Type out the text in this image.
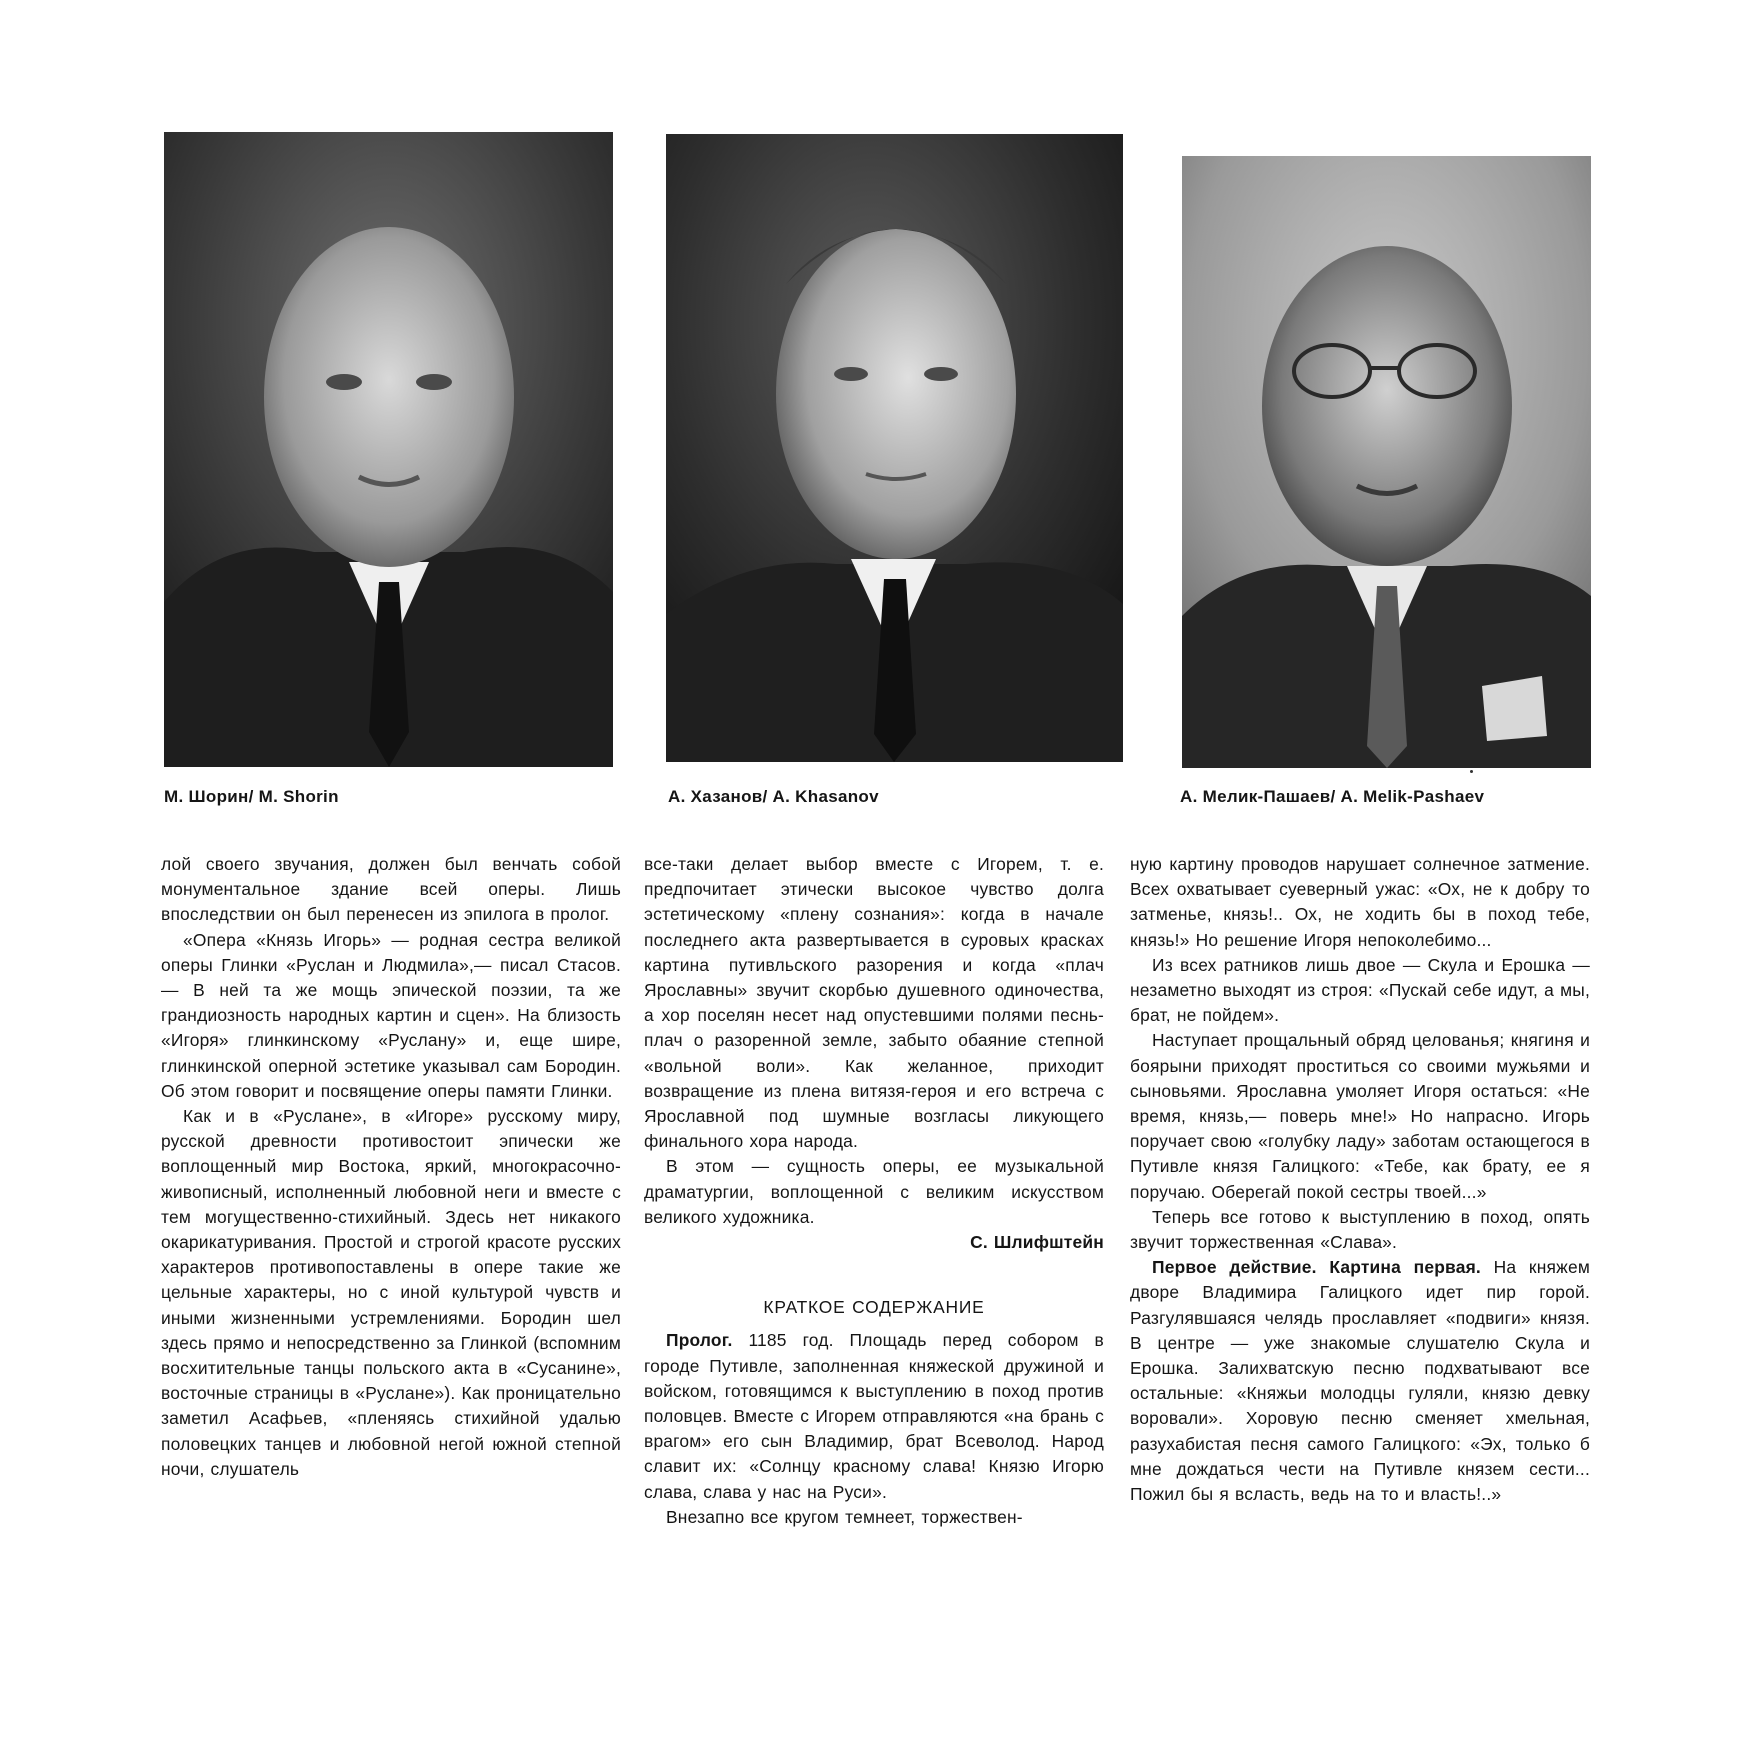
М. Шорин/ М. Shorin	А. Хазанов/ А. Khasanov	А. Мелик-Пашаев/ А. Melik-Pashaev

лой своего звучания, должен был венчать собой монументальное здание всей оперы. Лишь впоследствии он был перенесен из эпилога в пролог.

«Опера «Князь Игорь» — родная сестра великой оперы Глинки «Руслан и Людмила»,— писал Стасов.— В ней та же мощь эпической поэзии, та же грандиозность народных картин и сцен». На близость «Игоря» глинкинскому «Руслану» и, еще шире, глинкинской оперной эстетике указывал сам Бородин. Об этом говорит и посвящение оперы памяти Глинки.

Как и в «Руслане», в «Игоре» русскому миру, русской древности противостоит эпически же воплощенный мир Востока, яркий, многокрасочно-живописный, исполненный любовной неги и вместе с тем могущественно-стихийный. Здесь нет никакого окарикатуривания. Простой и строгой красоте русских характеров противопоставлены в опере такие же цельные характеры, но с иной культурой чувств и иными жизненными устремлениями. Бородин шел здесь прямо и непосредственно за Глинкой (вспомним восхитительные танцы польского акта в «Сусанине», восточные страницы в «Руслане»). Как проницательно заметил Асафьев, «пленяясь стихийной удалью половецких танцев и любовной негой южной степной ночи, слушатель

все-таки делает выбор вместе с Игорем, т. е. предпочитает этически высокое чувство долга эстетическому «плену сознания»: когда в начале последнего акта развертывается в суровых красках картина путивльского разорения и когда «плач Ярославны» звучит скорбью душевного одиночества, а хор поселян несет над опустевшими полями песнь-плач о разоренной земле, забыто обаяние степной «вольной воли». Как желанное, приходит возвращение из плена витязя-героя и его встреча с Ярославной под шумные возгласы ликующего финального хора народа.

В этом — сущность оперы, ее музыкальной драматургии, воплощенной с великим искусством великого художника.

С. Шлифштейн

КРАТКОЕ СОДЕРЖАНИЕ

Пролог. 1185 год. Площадь перед собором в городе Путивле, заполненная княжеской дружиной и войском, готовящимся к выступлению в поход против половцев. Вместе с Игорем отправляются «на брань с врагом» его сын Владимир, брат Всеволод. Народ славит их: «Солнцу красному слава! Князю Игорю слава, слава у нас на Руси».

Внезапно все кругом темнеет, торжествен-

ную картину проводов нарушает солнечное затмение. Всех охватывает суеверный ужас: «Ох, не к добру то затменье, князь!.. Ох, не ходить бы в поход тебе, князь!» Но решение Игоря непоколебимо...

Из всех ратников лишь двое — Скула и Ерошка — незаметно выходят из строя: «Пускай себе идут, а мы, брат, не пойдем».

Наступает прощальный обряд целованья; княгиня и боярыни приходят проститься со своими мужьями и сыновьями. Ярославна умоляет Игоря остаться: «Не время, князь,— поверь мне!» Но напрасно. Игорь поручает свою «голубку ладу» заботам остающегося в Путивле князя Галицкого: «Тебе, как брату, ее я поручаю. Оберегай покой сестры твоей...»

Теперь все готово к выступлению в поход, опять звучит торжественная «Слава».

Первое действие. Картина первая. На княжем дворе Владимира Галицкого идет пир горой. Разгулявшаяся челядь прославляет «подвиги» князя. В центре — уже знакомые слушателю Скула и Ерошка. Залихватскую песню подхватывают все остальные: «Княжьи молодцы гуляли, князю девку воровали». Хоровую песню сменяет хмельная, разухабистая песня самого Галицкого: «Эх, только б мне дождаться чести на Путивле князем сести... Пожил бы я всласть, ведь на то и власть!..»
